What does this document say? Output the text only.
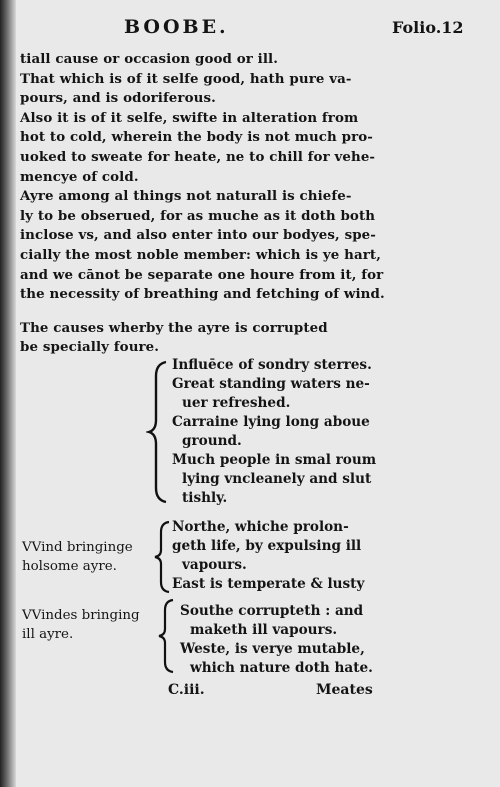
BOOBE.	Folio.12
tiall cause or occasion good or ill.
That which is of it selfe good, hath pure va-
pours, and is odoriferous.
Also it is of it selfe, swifte in alteration from
hot to cold, wherein the body is not much pro-
uoked to sweate for heate, ne to chill for vehe-
mencye of cold.
Ayre among al things not naturall is chiefe-
ly to be obserued, for as muche as it doth both
inclose vs, and also enter into our bodyes, spe-
cially the most noble member: which is ye hart,
and we cānot be separate one houre from it, for
the necessity of breathing and fetching of wind.
The causes wherby the ayre is corrupted
be specially foure.
Influēce of sondry sterres.
Great standing waters ne-
uer refreshed.
Carraine lying long aboue
ground.
Much people in smal roum
lying vncleanely and slut
tishly.
VVind bringinge
holsome ayre.
Northe, whiche prolon-
geth life, by expulsing ill
vapours.
East is temperate & lusty
VVindes bringing
ill ayre.
Southe corrupteth : and
maketh ill vapours.
Weste, is verye mutable,
which nature doth hate.
C.iii.	Meates
